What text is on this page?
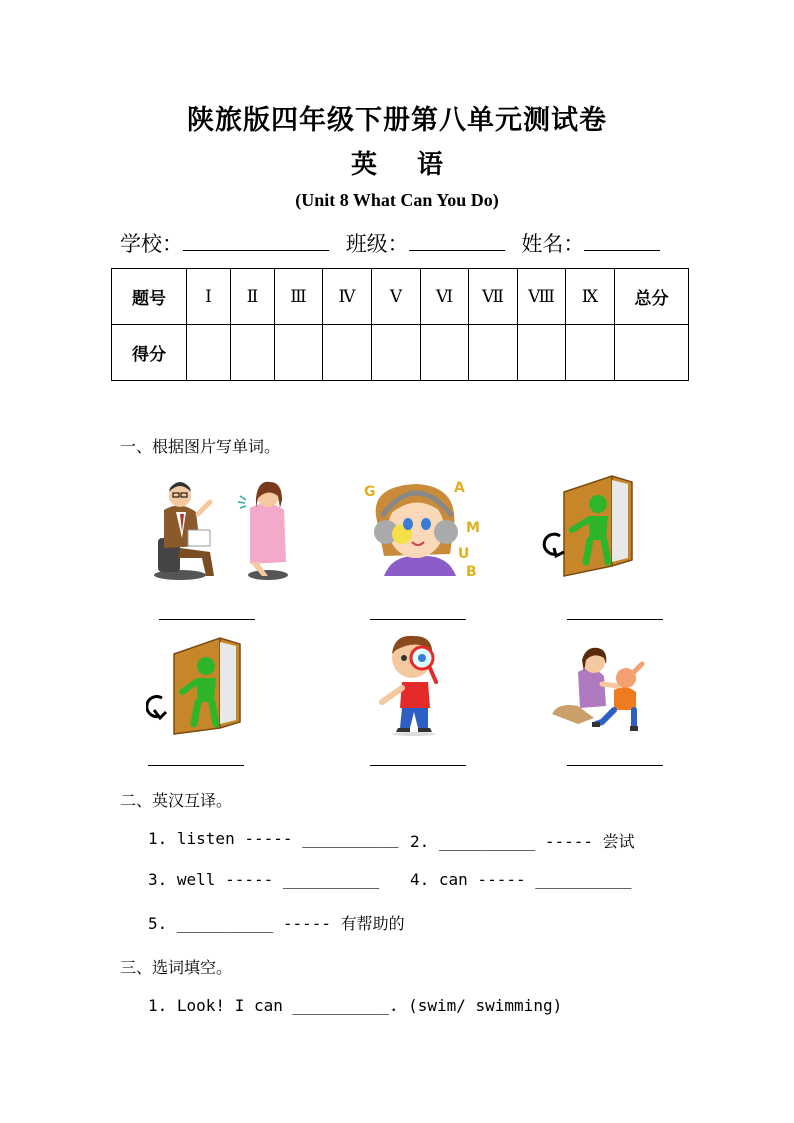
陕旅版四年级下册第八单元测试卷
英 语
(Unit 8 What Can You Do)
学校：	班级：	姓名：
题号	Ⅰ	Ⅱ	Ⅲ	Ⅳ	Ⅴ	Ⅵ	Ⅶ	Ⅷ	Ⅸ	总分
得分										
一、根据图片写单词。
G	A
M
U
B
二、英汉互译。
1. listen ----- __________ 2. __________ ----- 尝试
3. well ----- __________ 4. can ----- __________
5. __________ ----- 有帮助的
三、选词填空。
1. Look! I can __________. (swim/ swimming)
